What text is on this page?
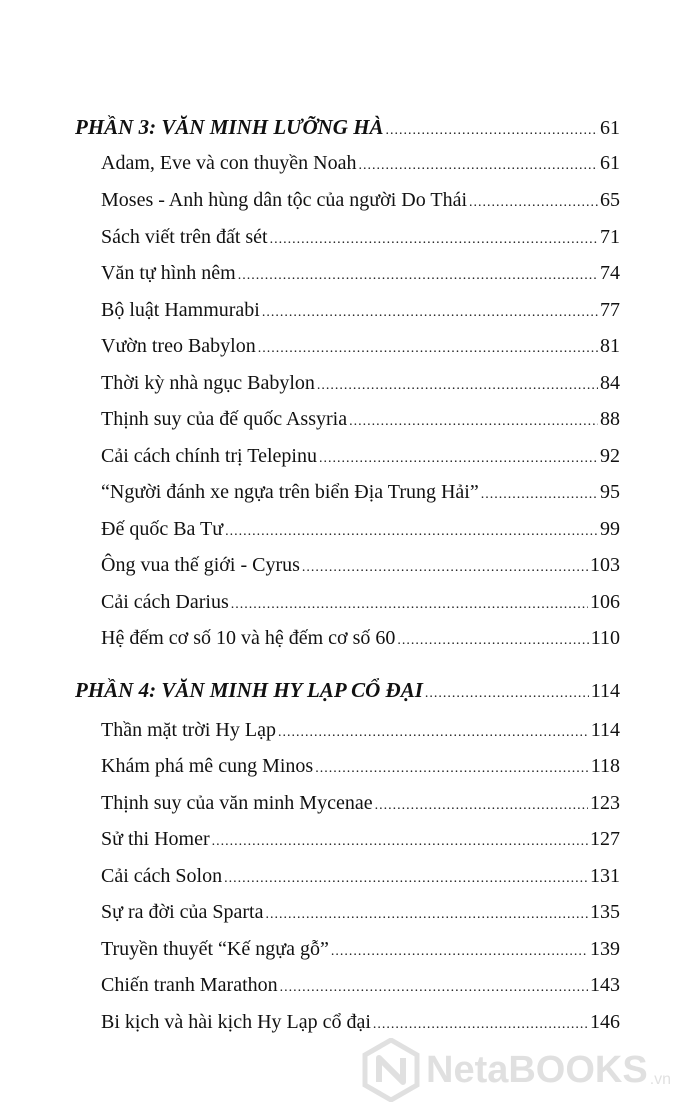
PHẦN 3: VĂN MINH LƯỠNG HÀ .....	61
Adam, Eve và con thuyền Noah .....	61
Moses - Anh hùng dân tộc của người Do Thái .....	65
Sách viết trên đất sét .....	71
Văn tự hình nêm .....	74
Bộ luật Hammurabi .....	77
Vườn treo Babylon .....	81
Thời kỳ nhà ngục Babylon .....	84
Thịnh suy của đế quốc Assyria .....	88
Cải cách chính trị Telepinu .....	92
“Người đánh xe ngựa trên biển Địa Trung Hải” .....	95
Đế quốc Ba Tư .....	99
Ông vua thế giới - Cyrus .....	103
Cải cách Darius .....	106
Hệ đếm cơ số 10 và hệ đếm cơ số 60 .....	110
PHẦN 4: VĂN MINH HY LẠP CỔ ĐẠI .....	114
Thần mặt trời Hy Lạp .....	114
Khám phá mê cung Minos .....	118
Thịnh suy của văn minh Mycenae .....	123
Sử thi Homer .....	127
Cải cách Solon .....	131
Sự ra đời của Sparta .....	135
Truyền thuyết “Kế ngựa gỗ” .....	139
Chiến tranh Marathon .....	143
Bi kịch và hài kịch Hy Lạp cổ đại .....	146
NetaBOOKS .vn
